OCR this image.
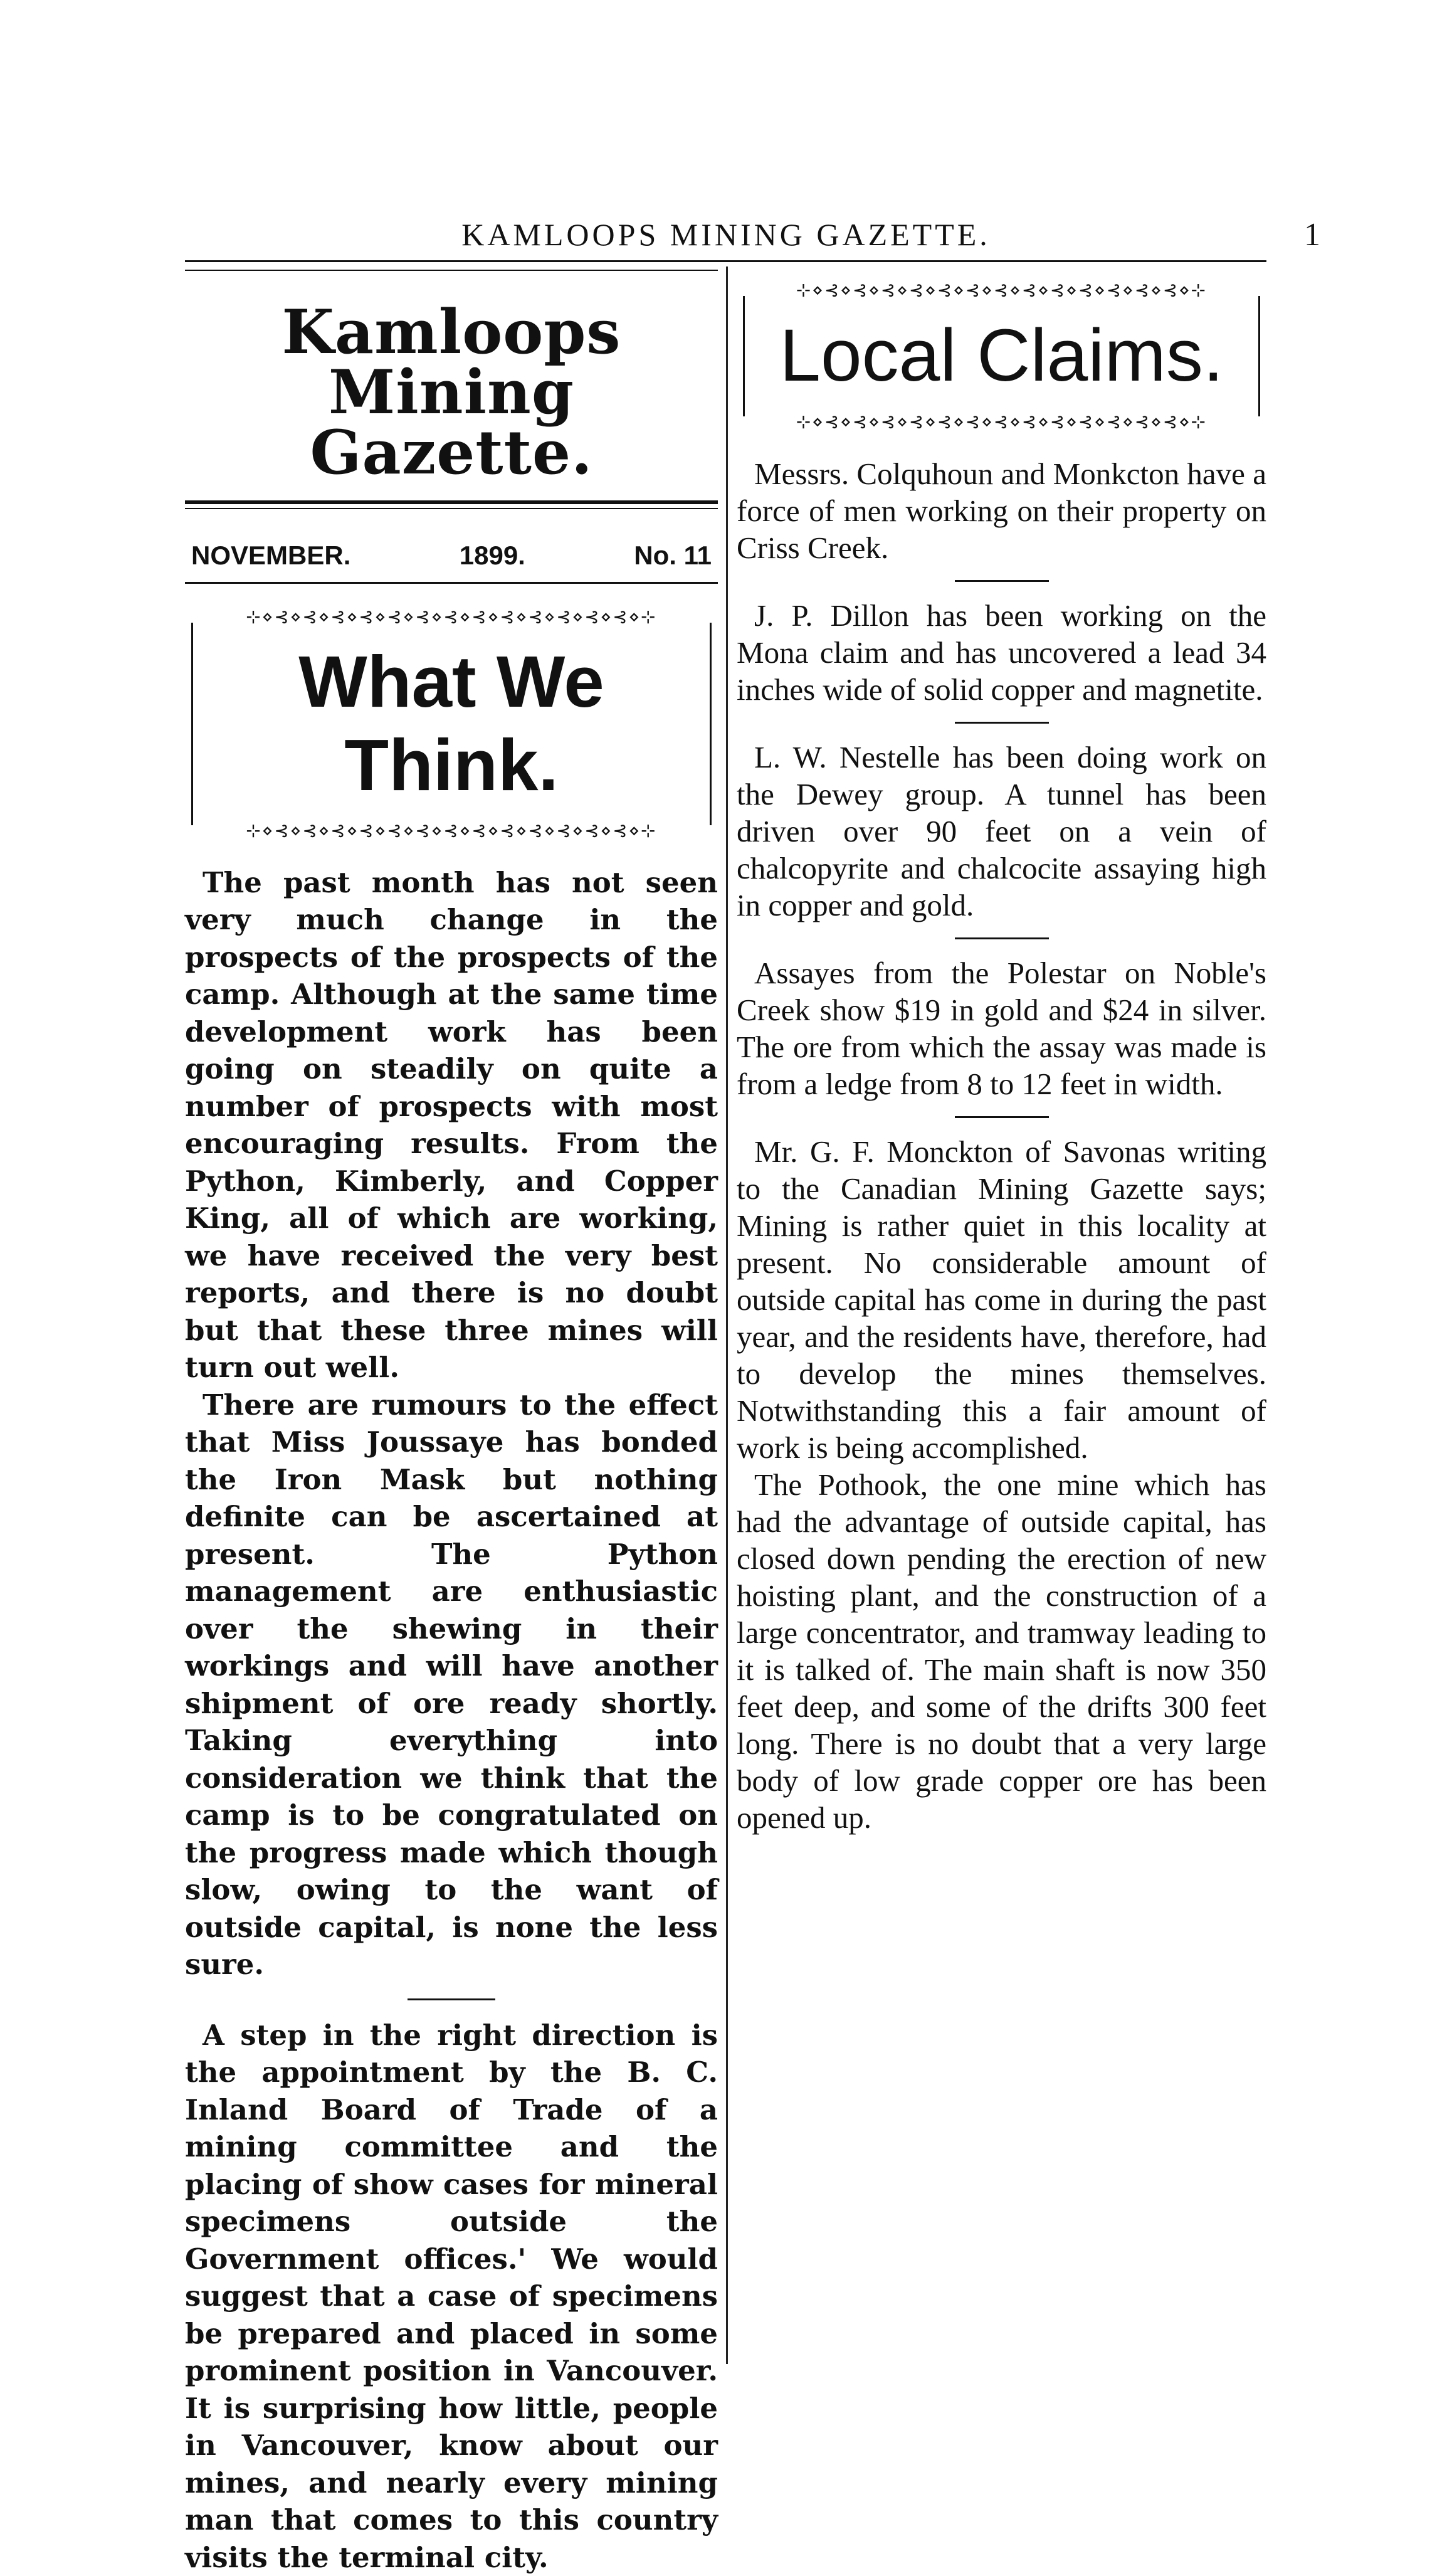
KAMLOOPS MINING GAZETTE.	1
Kamloops Mining Gazette.
NOVEMBER.	1899.	No. 11
⊹⋄⊰⋄⊰⋄⊰⋄⊰⋄⊰⋄⊰⋄⊰⋄⊰⋄⊰⋄⊰⋄⊰⋄⊰⋄⊰⋄⊹
What We Think.
⊹⋄⊰⋄⊰⋄⊰⋄⊰⋄⊰⋄⊰⋄⊰⋄⊰⋄⊰⋄⊰⋄⊰⋄⊰⋄⊰⋄⊹

The past month has not seen very much change in the prospects of the prospects of the camp. Although at the same time development work has been going on steadily on quite a number of prospects with most encouraging results. From the Python, Kimberly, and Copper King, all of which are working, we have received the very best reports, and there is no doubt but that these three mines will turn out well.

There are rumours to the effect that Miss Joussaye has bonded the Iron Mask but nothing definite can be ascertained at present. The Python management are enthusiastic over the shewing in their workings and will have another shipment of ore ready shortly. Taking everything into consideration we think that the camp is to be congratulated on the progress made which though slow, owing to the want of outside capital, is none the less sure.

A step in the right direction is the appointment by the B. C. Inland Board of Trade of a mining committee and the placing of show cases for mineral specimens outside the Government offices.' We would suggest that a case of specimens be prepared and placed in some prominent position in Vancouver. It is surprising how little, people in Vancouver, know about our mines, and nearly every mining man that comes to this country visits the terminal city.

⊹⋄⊰⋄⊰⋄⊰⋄⊰⋄⊰⋄⊰⋄⊰⋄⊰⋄⊰⋄⊰⋄⊰⋄⊰⋄⊰⋄⊹
Local Claims.
⊹⋄⊰⋄⊰⋄⊰⋄⊰⋄⊰⋄⊰⋄⊰⋄⊰⋄⊰⋄⊰⋄⊰⋄⊰⋄⊰⋄⊹

Messrs. Colquhoun and Monkcton have a force of men working on their property on Criss Creek.

J. P. Dillon has been working on the Mona claim and has uncovered a lead 34 inches wide of solid copper and magnetite.

L. W. Nestelle has been doing work on the Dewey group. A tunnel has been driven over 90 feet on a vein of chalcopyrite and chalcocite assaying high in copper and gold.

Assayes from the Polestar on Noble's Creek show $19 in gold and $24 in silver. The ore from which the assay was made is from a ledge from 8 to 12 feet in width.

Mr. G. F. Monckton of Savonas writing to the Canadian Mining Gazette says; Mining is rather quiet in this locality at present. No considerable amount of outside capital has come in during the past year, and the residents have, therefore, had to develop the mines themselves. Notwithstanding this a fair amount of work is being accomplished.

The Pothook, the one mine which has had the advantage of outside capital, has closed down pending the erection of new hoisting plant, and the construction of a large concentrator, and tramway leading to it is talked of. The main shaft is now 350 feet deep, and some of the drifts 300 feet long. There is no doubt that a very large body of low grade copper ore has been opened up.
